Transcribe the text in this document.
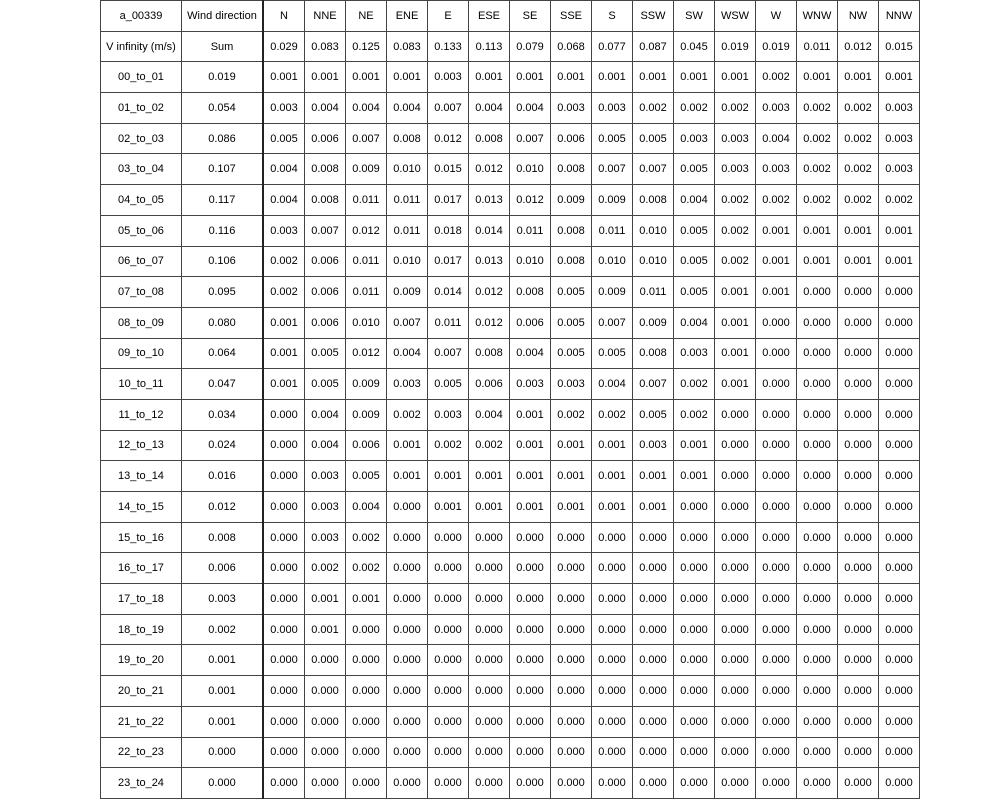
a_00339	Wind direction	N	NNE	NE	ENE	E	ESE	SE	SSE	S	SSW	SW	WSW	W	WNW	NW	NNW
V infinity (m/s)	Sum	0.029	0.083	0.125	0.083	0.133	0.113	0.079	0.068	0.077	0.087	0.045	0.019	0.019	0.011	0.012	0.015
00_to_01	0.019	0.001	0.001	0.001	0.001	0.003	0.001	0.001	0.001	0.001	0.001	0.001	0.001	0.002	0.001	0.001	0.001
01_to_02	0.054	0.003	0.004	0.004	0.004	0.007	0.004	0.004	0.003	0.003	0.002	0.002	0.002	0.003	0.002	0.002	0.003
02_to_03	0.086	0.005	0.006	0.007	0.008	0.012	0.008	0.007	0.006	0.005	0.005	0.003	0.003	0.004	0.002	0.002	0.003
03_to_04	0.107	0.004	0.008	0.009	0.010	0.015	0.012	0.010	0.008	0.007	0.007	0.005	0.003	0.003	0.002	0.002	0.003
04_to_05	0.117	0.004	0.008	0.011	0.011	0.017	0.013	0.012	0.009	0.009	0.008	0.004	0.002	0.002	0.002	0.002	0.002
05_to_06	0.116	0.003	0.007	0.012	0.011	0.018	0.014	0.011	0.008	0.011	0.010	0.005	0.002	0.001	0.001	0.001	0.001
06_to_07	0.106	0.002	0.006	0.011	0.010	0.017	0.013	0.010	0.008	0.010	0.010	0.005	0.002	0.001	0.001	0.001	0.001
07_to_08	0.095	0.002	0.006	0.011	0.009	0.014	0.012	0.008	0.005	0.009	0.011	0.005	0.001	0.001	0.000	0.000	0.000
08_to_09	0.080	0.001	0.006	0.010	0.007	0.011	0.012	0.006	0.005	0.007	0.009	0.004	0.001	0.000	0.000	0.000	0.000
09_to_10	0.064	0.001	0.005	0.012	0.004	0.007	0.008	0.004	0.005	0.005	0.008	0.003	0.001	0.000	0.000	0.000	0.000
10_to_11	0.047	0.001	0.005	0.009	0.003	0.005	0.006	0.003	0.003	0.004	0.007	0.002	0.001	0.000	0.000	0.000	0.000
11_to_12	0.034	0.000	0.004	0.009	0.002	0.003	0.004	0.001	0.002	0.002	0.005	0.002	0.000	0.000	0.000	0.000	0.000
12_to_13	0.024	0.000	0.004	0.006	0.001	0.002	0.002	0.001	0.001	0.001	0.003	0.001	0.000	0.000	0.000	0.000	0.000
13_to_14	0.016	0.000	0.003	0.005	0.001	0.001	0.001	0.001	0.001	0.001	0.001	0.001	0.000	0.000	0.000	0.000	0.000
14_to_15	0.012	0.000	0.003	0.004	0.000	0.001	0.001	0.001	0.001	0.001	0.001	0.000	0.000	0.000	0.000	0.000	0.000
15_to_16	0.008	0.000	0.003	0.002	0.000	0.000	0.000	0.000	0.000	0.000	0.000	0.000	0.000	0.000	0.000	0.000	0.000
16_to_17	0.006	0.000	0.002	0.002	0.000	0.000	0.000	0.000	0.000	0.000	0.000	0.000	0.000	0.000	0.000	0.000	0.000
17_to_18	0.003	0.000	0.001	0.001	0.000	0.000	0.000	0.000	0.000	0.000	0.000	0.000	0.000	0.000	0.000	0.000	0.000
18_to_19	0.002	0.000	0.001	0.000	0.000	0.000	0.000	0.000	0.000	0.000	0.000	0.000	0.000	0.000	0.000	0.000	0.000
19_to_20	0.001	0.000	0.000	0.000	0.000	0.000	0.000	0.000	0.000	0.000	0.000	0.000	0.000	0.000	0.000	0.000	0.000
20_to_21	0.001	0.000	0.000	0.000	0.000	0.000	0.000	0.000	0.000	0.000	0.000	0.000	0.000	0.000	0.000	0.000	0.000
21_to_22	0.001	0.000	0.000	0.000	0.000	0.000	0.000	0.000	0.000	0.000	0.000	0.000	0.000	0.000	0.000	0.000	0.000
22_to_23	0.000	0.000	0.000	0.000	0.000	0.000	0.000	0.000	0.000	0.000	0.000	0.000	0.000	0.000	0.000	0.000	0.000
23_to_24	0.000	0.000	0.000	0.000	0.000	0.000	0.000	0.000	0.000	0.000	0.000	0.000	0.000	0.000	0.000	0.000	0.000
